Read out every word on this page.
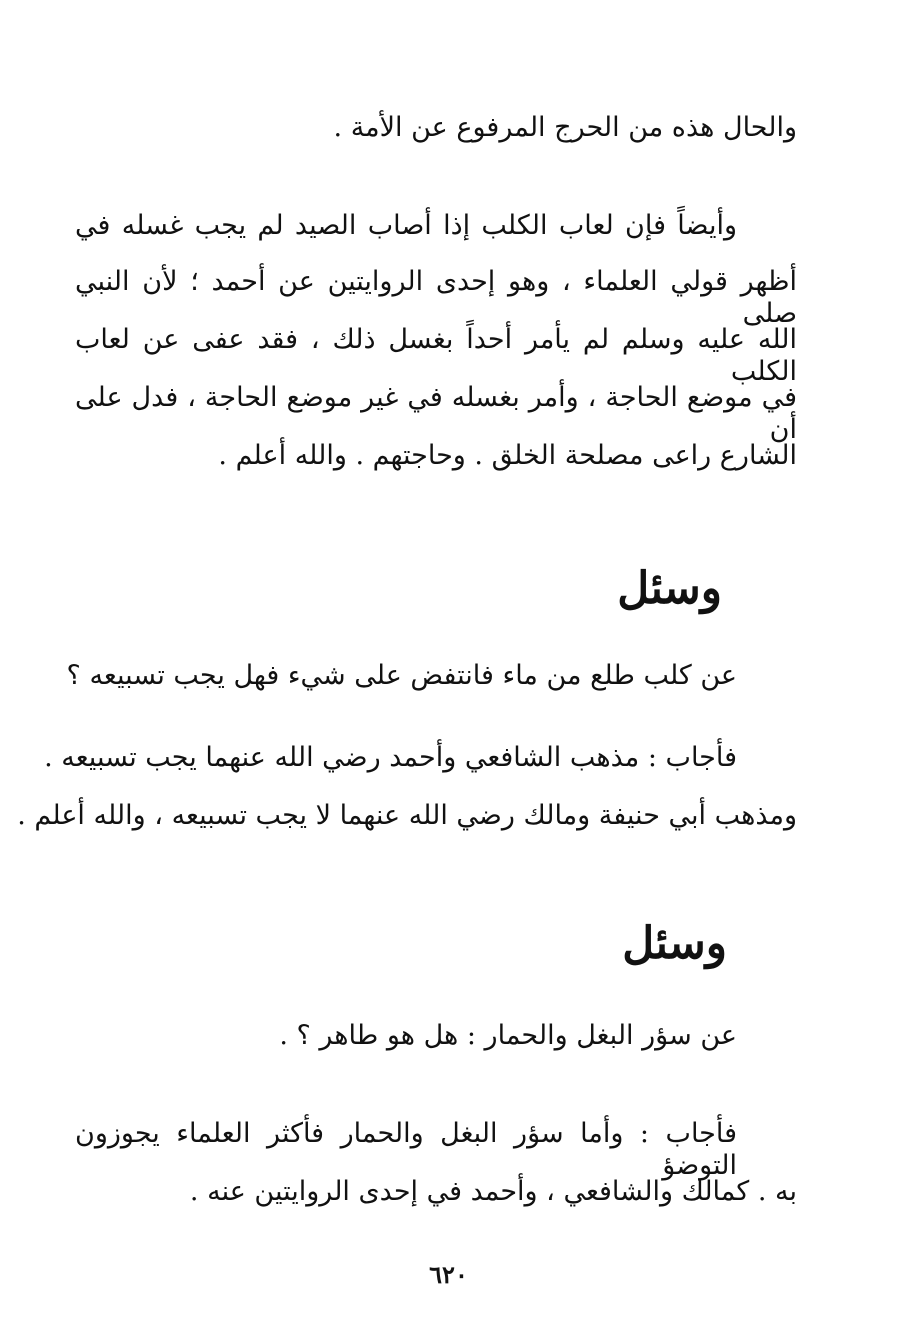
والحال هذه من الحرج المرفوع عن الأمة .
وأيضاً فإن لعاب الكلب إذا أصاب الصيد لم يجب غسله في
أظهر قولي العلماء ، وهو إحدى الروايتين عن أحمد ؛ لأن النبي صلى
الله عليه وسلم لم يأمر أحداً بغسل ذلك ، فقد عفى عن لعاب الكلب
في موضع الحاجة ، وأمر بغسله في غير موضع الحاجة ، فدل على أن
الشارع راعى مصلحة الخلق . وحاجتهم . والله أعلم .
وسئل
عن كلب طلع من ماء فانتفض على شيء فهل يجب تسبيعه ؟
فأجاب : مذهب الشافعي وأحمد رضي الله عنهما يجب تسبيعه .
ومذهب أبي حنيفة ومالك رضي الله عنهما لا يجب تسبيعه ، والله أعلم .
وسئل
عن سؤر البغل والحمار : هل هو طاهر ؟ .
فأجاب : وأما سؤر البغل والحمار فأكثر العلماء يجوزون التوضؤ
به . كمالك والشافعي ، وأحمد في إحدى الروايتين عنه .
٦٢٠
